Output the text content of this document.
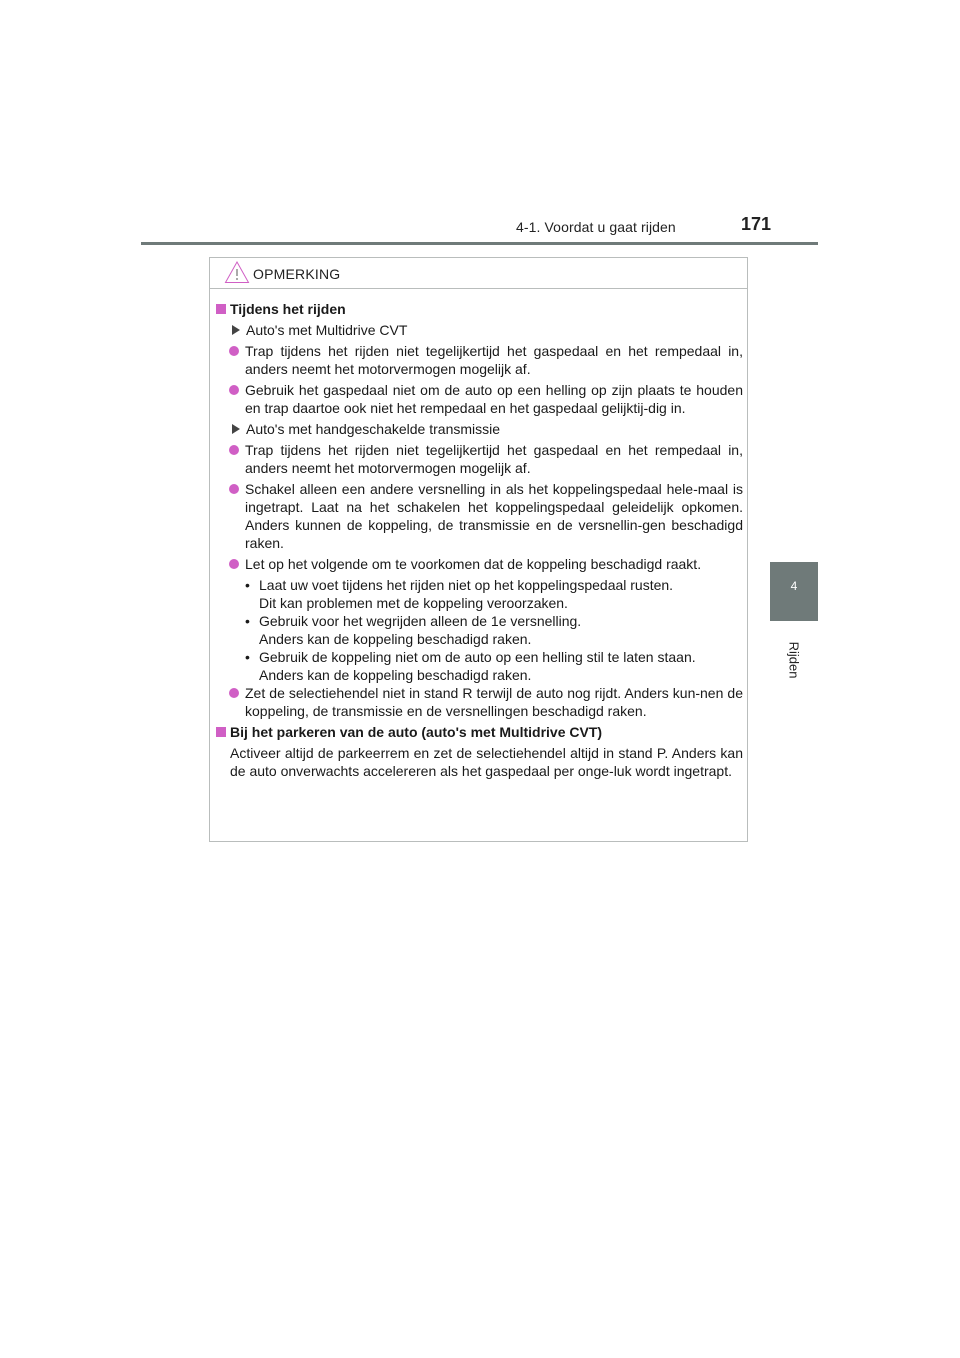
4-1. Voordat u gaat rijden	171
4
Rijden
OPMERKING
Tijdens het rijden
Auto's met Multidrive CVT
Trap tijdens het rijden niet tegelijkertijd het gaspedaal en het rempedaal in, anders neemt het motorvermogen mogelijk af.
Gebruik het gaspedaal niet om de auto op een helling op zijn plaats te houden en trap daartoe ook niet het rempedaal en het gaspedaal gelijktij-dig in.
Auto's met handgeschakelde transmissie
Trap tijdens het rijden niet tegelijkertijd het gaspedaal en het rempedaal in, anders neemt het motorvermogen mogelijk af.
Schakel alleen een andere versnelling in als het koppelingspedaal hele-maal is ingetrapt. Laat na het schakelen het koppelingspedaal geleidelijk opkomen. Anders kunnen de koppeling, de transmissie en de versnellin-gen beschadigd raken.
Let op het volgende om te voorkomen dat de koppeling beschadigd raakt.
• Laat uw voet tijdens het rijden niet op het koppelingspedaal rusten.
Dit kan problemen met de koppeling veroorzaken.
• Gebruik voor het wegrijden alleen de 1e versnelling.
Anders kan de koppeling beschadigd raken.
• Gebruik de koppeling niet om de auto op een helling stil te laten staan.
Anders kan de koppeling beschadigd raken.
Zet de selectiehendel niet in stand R terwijl de auto nog rijdt. Anders kun-nen de koppeling, de transmissie en de versnellingen beschadigd raken.
Bij het parkeren van de auto (auto's met Multidrive CVT)
Activeer altijd de parkeerrem en zet de selectiehendel altijd in stand P. Anders kan de auto onverwachts accelereren als het gaspedaal per onge-luk wordt ingetrapt.
